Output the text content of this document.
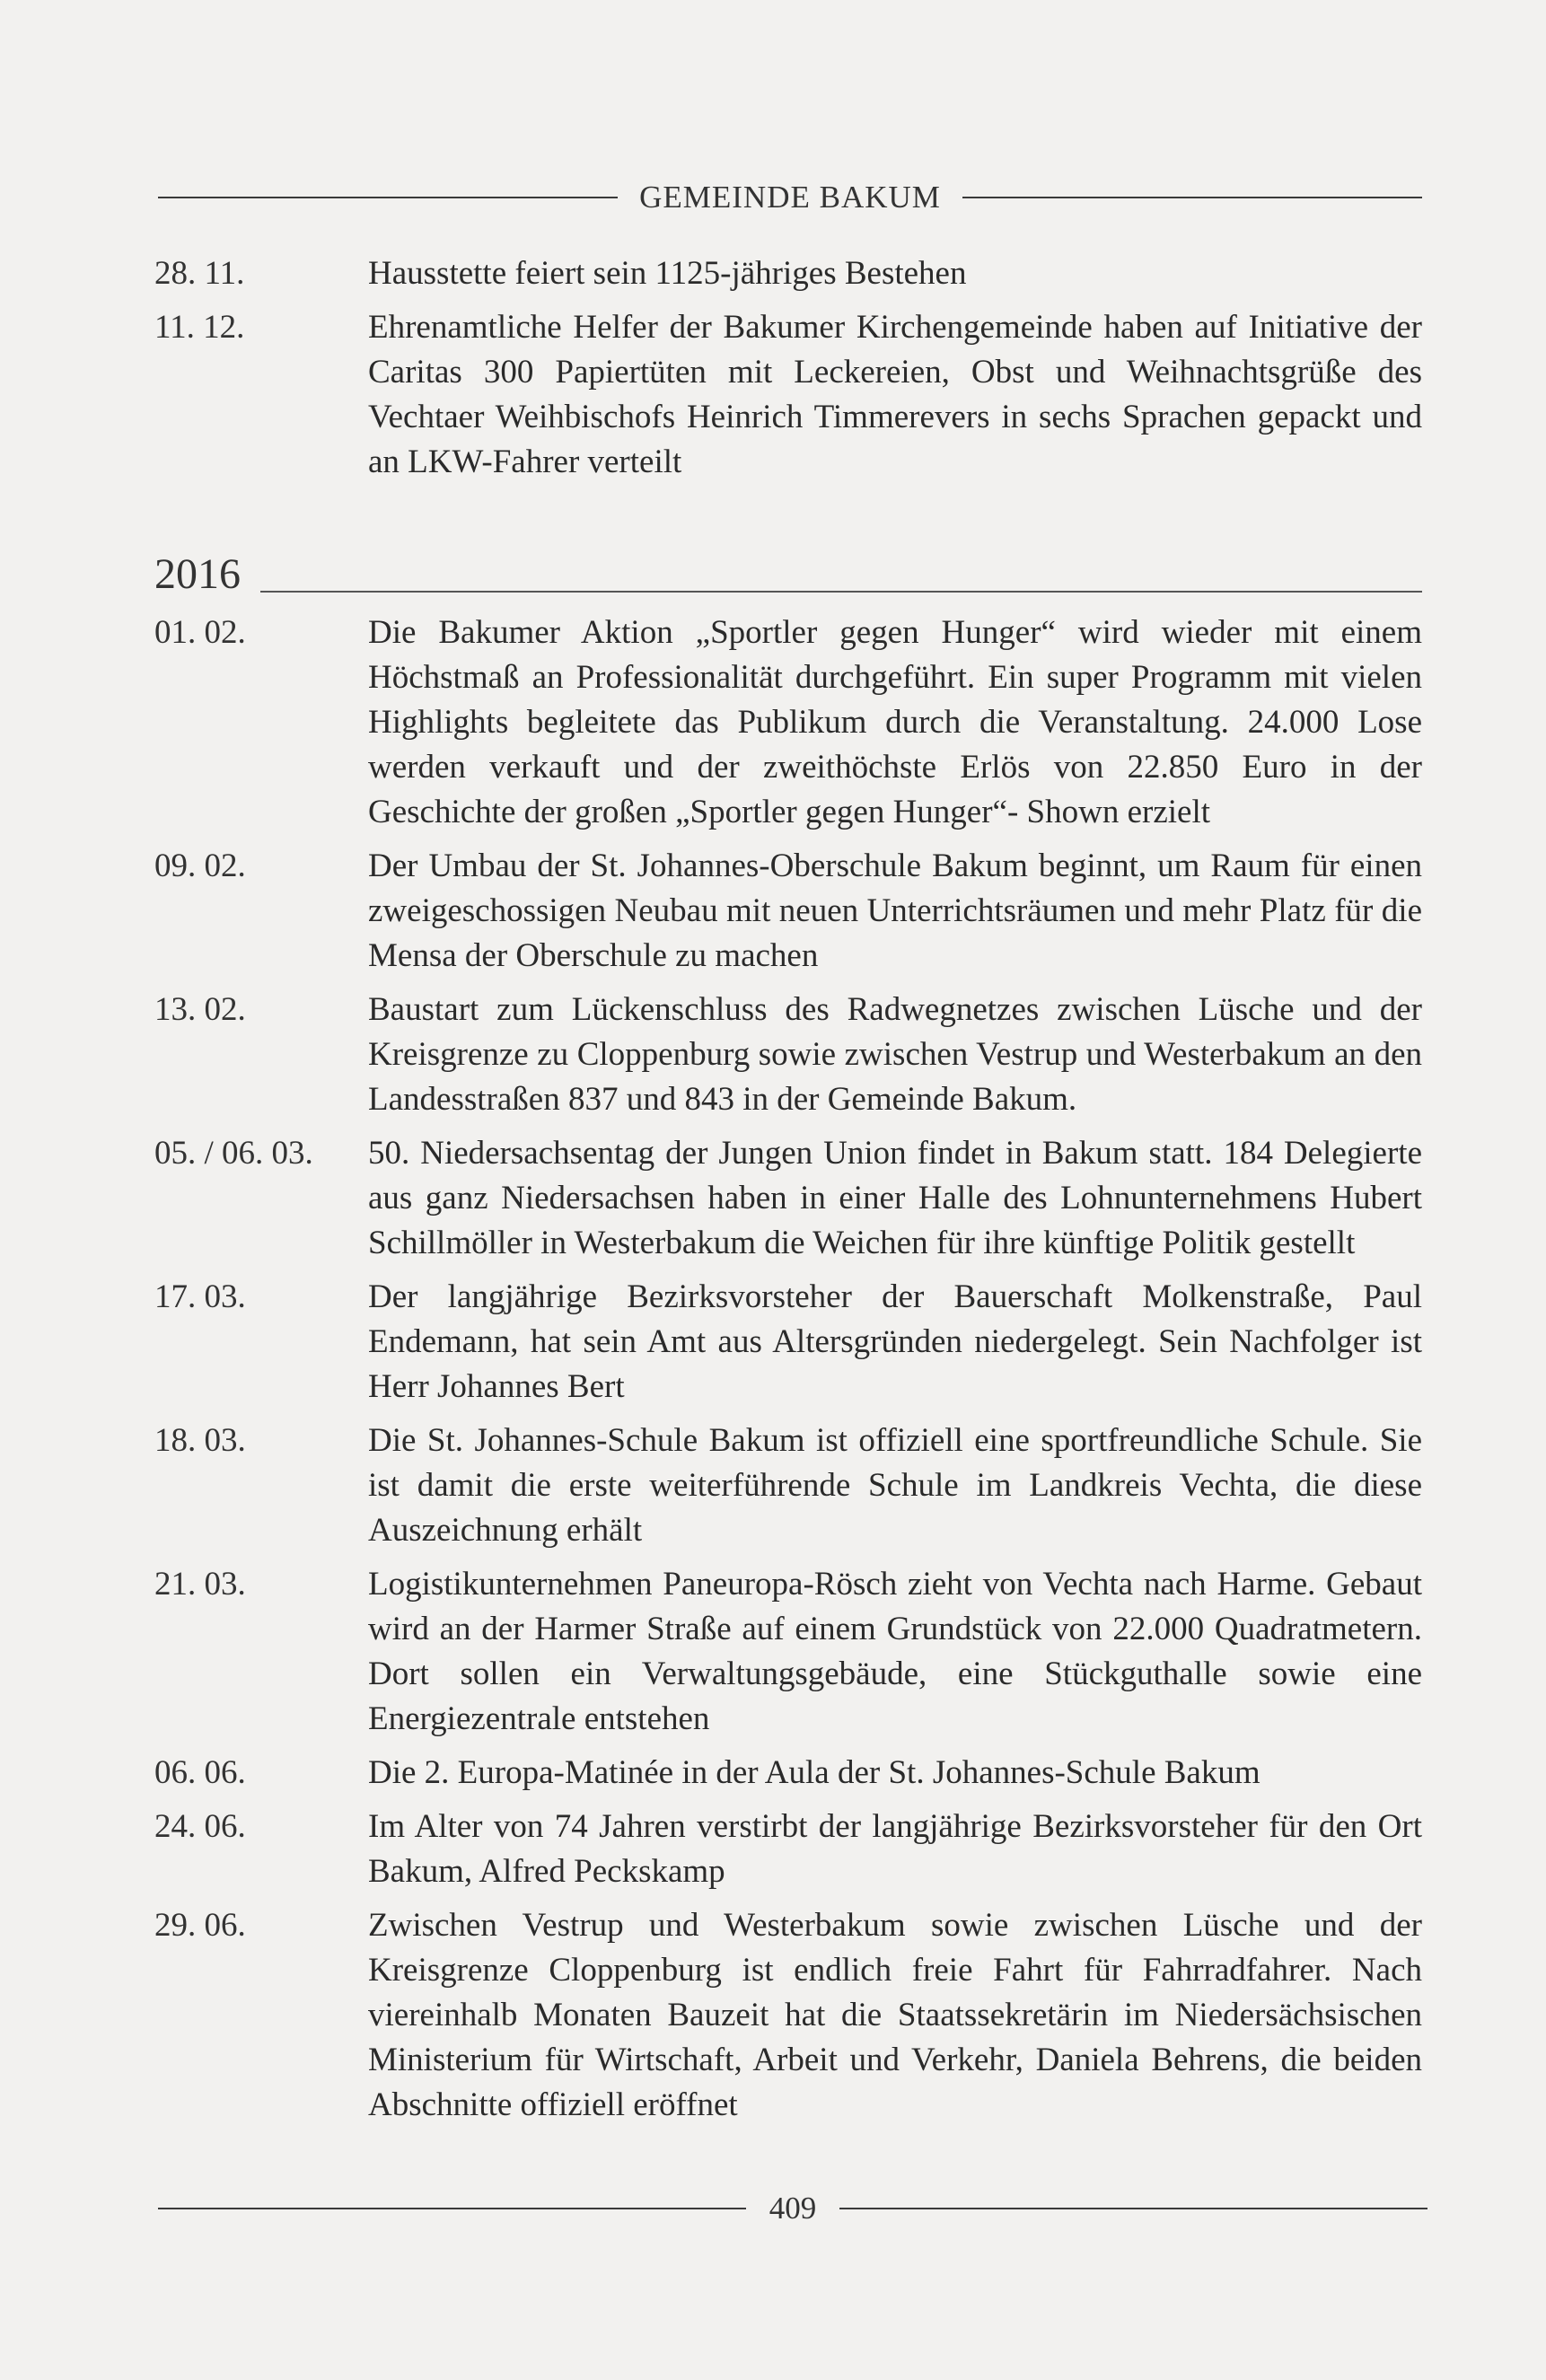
GEMEINDE BAKUM
28. 11.	Hausstette feiert sein 1125-jähriges Bestehen
11. 12.	Ehrenamtliche Helfer der Bakumer Kirchengemeinde haben auf Initiative der Caritas 300 Papiertüten mit Leckereien, Obst und Weihnachtsgrüße des Vechtaer Weihbischofs Heinrich Timmerevers in sechs Sprachen gepackt und an LKW-Fahrer verteilt
2016
01. 02.	Die Bakumer Aktion „Sportler gegen Hunger“ wird wieder mit einem Höchstmaß an Professionalität durchgeführt. Ein super Programm mit vielen Highlights begleitete das Publikum durch die Veranstaltung. 24.000 Lose werden verkauft und der zweithöchste Erlös von 22.850 Euro in der Geschichte der großen „Sportler gegen Hunger“- Shown erzielt
09. 02.	Der Umbau der St. Johannes-Oberschule Bakum beginnt, um Raum für einen zweigeschossigen Neubau mit neuen Unterrichtsräumen und mehr Platz für die Mensa der Oberschule zu machen
13. 02.	Baustart zum Lückenschluss des Radwegnetzes zwischen Lüsche und der Kreisgrenze zu Cloppenburg sowie zwischen Vestrup und Westerbakum an den Landesstraßen 837 und 843 in der Gemeinde Bakum.
05. / 06. 03.	50. Niedersachsentag der Jungen Union findet in Bakum statt. 184 Delegierte aus ganz Niedersachsen haben in einer Halle des Lohnunternehmens Hubert Schillmöller in Westerbakum die Weichen für ihre künftige Politik gestellt
17. 03.	Der langjährige Bezirksvorsteher der Bauerschaft Molkenstraße, Paul Endemann, hat sein Amt aus Altersgründen niedergelegt. Sein Nachfolger ist Herr Johannes Bert
18. 03.	Die St. Johannes-Schule Bakum ist offiziell eine sportfreundliche Schule. Sie ist damit die erste weiterführende Schule im Landkreis Vechta, die diese Auszeichnung erhält
21. 03.	Logistikunternehmen Paneuropa-Rösch zieht von Vechta nach Harme. Gebaut wird an der Harmer Straße auf einem Grundstück von 22.000 Quadratmetern. Dort sollen ein Verwaltungsgebäude, eine Stückguthalle sowie eine Energiezentrale entstehen
06. 06.	Die 2. Europa-Matinée in der Aula der St. Johannes-Schule Bakum
24. 06.	Im Alter von 74 Jahren verstirbt der langjährige Bezirksvorsteher für den Ort Bakum, Alfred Peckskamp
29. 06.	Zwischen Vestrup und Westerbakum sowie zwischen Lüsche und der Kreisgrenze Cloppenburg ist endlich freie Fahrt für Fahrradfahrer. Nach viereinhalb Monaten Bauzeit hat die Staatssekretärin im Niedersächsischen Ministerium für Wirtschaft, Arbeit und Verkehr, Daniela Behrens, die beiden Abschnitte offiziell eröffnet
409
